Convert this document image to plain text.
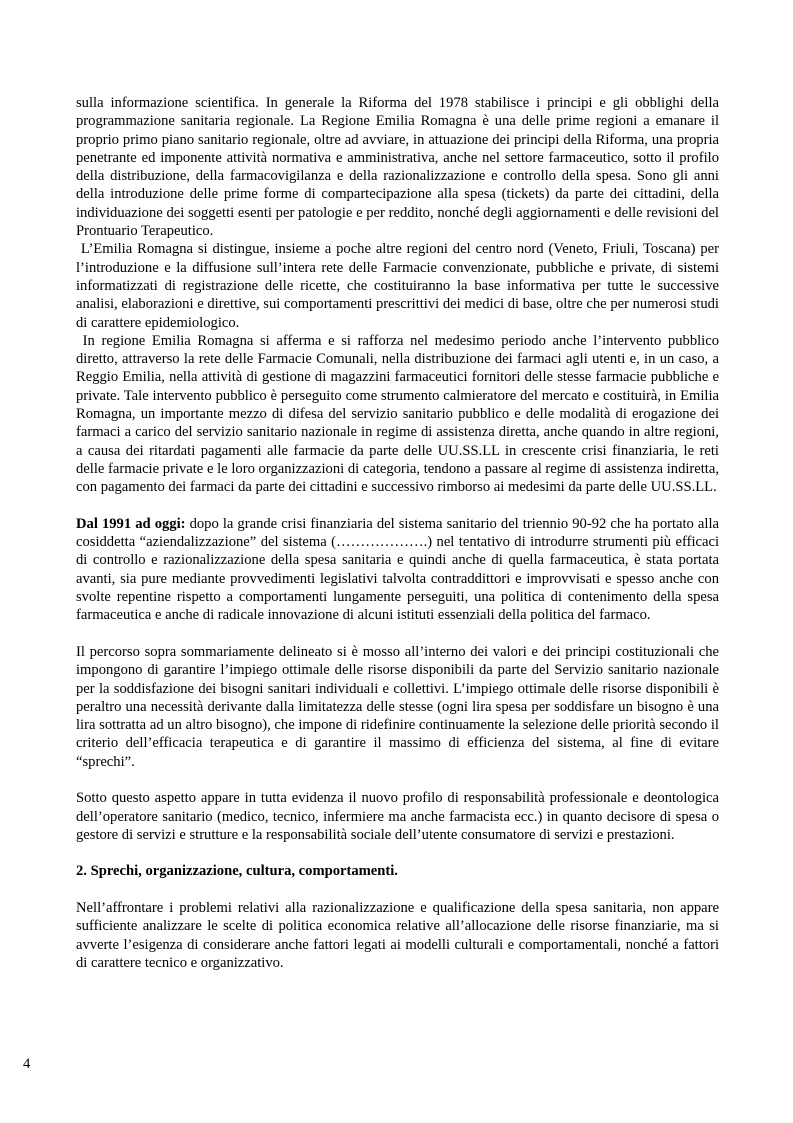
sulla informazione scientifica. In generale la Riforma del 1978 stabilisce i principi e gli obblighi della programmazione sanitaria regionale. La Regione Emilia Romagna è una delle prime regioni a emanare il proprio primo piano sanitario regionale, oltre ad avviare, in attuazione dei principi della Riforma, una propria penetrante ed imponente attività normativa e amministrativa, anche nel settore farmaceutico, sotto il profilo della distribuzione, della farmacovigilanza e della razionalizzazione e controllo della spesa. Sono gli anni della introduzione delle prime forme di compartecipazione alla spesa (tickets) da parte dei cittadini, della individuazione dei soggetti esenti per patologie e per reddito, nonché degli aggiornamenti e delle revisioni del Prontuario Terapeutico.

L’Emilia Romagna si distingue, insieme a poche altre regioni del centro nord (Veneto, Friuli, Toscana) per l’introduzione e la diffusione sull’intera rete delle Farmacie convenzionate, pubbliche e private, di sistemi informatizzati di registrazione delle ricette, che costituiranno la base informativa per tutte le successive analisi, elaborazioni e direttive, sui comportamenti prescrittivi dei medici di base, oltre che per numerosi studi di carattere epidemiologico.

In regione Emilia Romagna si afferma e si rafforza nel medesimo periodo anche l’intervento pubblico diretto, attraverso la rete delle Farmacie Comunali, nella distribuzione dei farmaci agli utenti e, in un caso, a Reggio Emilia, nella attività di gestione di magazzini farmaceutici fornitori delle stesse farmacie pubbliche e private. Tale intervento pubblico è perseguito come strumento calmieratore del mercato e costituirà, in Emilia Romagna, un importante mezzo di difesa del servizio sanitario pubblico e delle modalità di erogazione dei farmaci a carico del servizio sanitario nazionale in regime di assistenza diretta, anche quando in altre regioni, a causa dei ritardati pagamenti alle farmacie da parte delle UU.SS.LL in crescente crisi finanziaria, le reti delle farmacie private e le loro organizzazioni di categoria, tendono a passare al regime di assistenza indiretta, con pagamento dei farmaci da parte dei cittadini e successivo rimborso ai medesimi da parte delle UU.SS.LL.

Dal 1991 ad oggi: dopo la grande crisi finanziaria del sistema sanitario del triennio 90-92 che ha portato alla cosiddetta “aziendalizzazione” del sistema (……………….) nel tentativo di introdurre strumenti più efficaci di controllo e razionalizzazione della spesa sanitaria e quindi anche di quella farmaceutica, è stata portata avanti, sia pure mediante provvedimenti legislativi talvolta contraddittori e improvvisati e spesso anche con svolte repentine rispetto a comportamenti lungamente perseguiti, una politica di contenimento della spesa farmaceutica e anche di radicale innovazione di alcuni istituti essenziali della politica del farmaco.

Il percorso sopra sommariamente delineato si è mosso all’interno dei valori e dei principi costituzionali che impongono di garantire l’impiego ottimale delle risorse disponibili da parte del Servizio sanitario nazionale per la soddisfazione dei bisogni sanitari individuali e collettivi. L’impiego ottimale delle risorse disponibili è peraltro una necessità derivante dalla limitatezza delle stesse (ogni lira spesa per soddisfare un bisogno è una lira sottratta ad un altro bisogno), che impone di ridefinire continuamente la selezione delle priorità secondo il criterio dell’efficacia terapeutica e di garantire il massimo di efficienza del sistema, al fine di evitare “sprechi”.

Sotto questo aspetto appare in tutta evidenza il nuovo profilo di responsabilità professionale e deontologica dell’operatore sanitario (medico, tecnico, infermiere ma anche farmacista ecc.) in quanto decisore di spesa o gestore di servizi e strutture e la responsabilità sociale dell’utente consumatore di servizi e prestazioni.

2. Sprechi, organizzazione, cultura, comportamenti.

Nell’affrontare i problemi relativi alla razionalizzazione e qualificazione della spesa sanitaria, non appare sufficiente analizzare le scelte di politica economica relative all’allocazione delle risorse finanziarie, ma si avverte l’esigenza di considerare anche fattori legati ai modelli culturali e comportamentali, nonché a fattori di carattere tecnico e organizzativo.

4
